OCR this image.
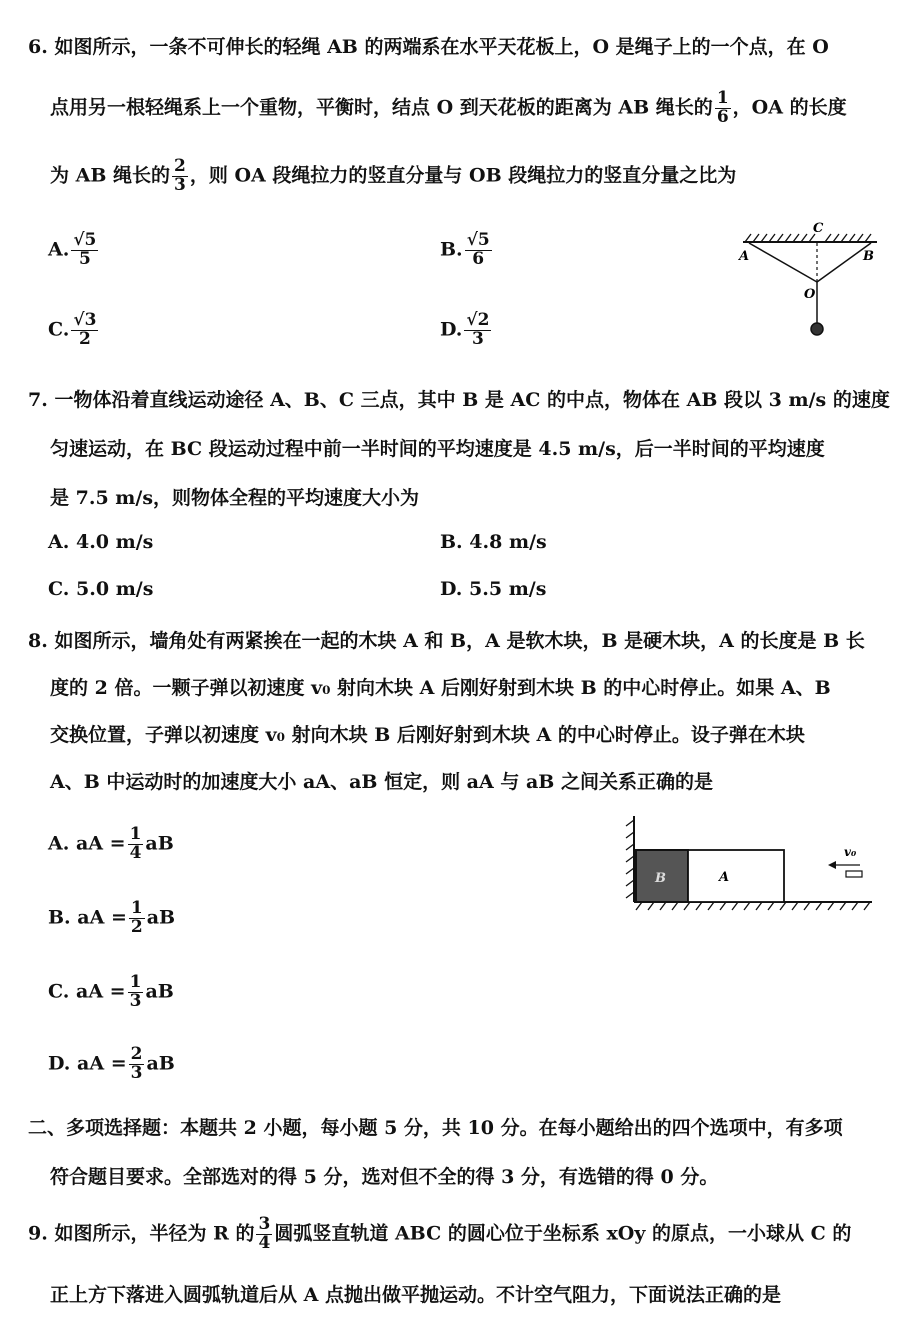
6. 如图所示，一条不可伸长的轻绳 AB 的两端系在水平天花板上，O 是绳子上的一个点，在 O
点用另一根轻绳系上一个重物，平衡时，结点 O 到天花板的距离为 AB 绳长的 $\frac{1}{6}$ ，OA 的长度
为 AB 绳长的 $\frac{2}{3}$ ，则 OA 段绳拉力的竖直分量与 OB 段绳拉力的竖直分量之比为
A. $\frac{√5}{5}$	B. $\frac{√5}{6}$
C. $\frac{√3}{2}$	D. $\frac{√2}{3}$
C
A	B
O
7. 一物体沿着直线运动途径 A、B、C 三点，其中 B 是 AC 的中点，物体在 AB 段以 3 m/s 的速度
匀速运动，在 BC 段运动过程中前一半时间的平均速度是 4.5 m/s，后一半时间的平均速度
是 7.5 m/s，则物体全程的平均速度大小为
A. 4.0 m/s	B. 4.8 m/s
C. 5.0 m/s	D. 5.5 m/s
8. 如图所示，墙角处有两紧挨在一起的木块 A 和 B，A 是软木块，B 是硬木块，A 的长度是 B 长
度的 2 倍。一颗子弹以初速度 v₀ 射向木块 A 后刚好射到木块 B 的中心时停止。如果 A、B
交换位置，子弹以初速度 v₀ 射向木块 B 后刚好射到木块 A 的中心时停止。设子弹在木块
A、B 中运动时的加速度大小 aA、aB 恒定，则 aA 与 aB 之间关系正确的是
A. aA = $\frac{1}{4}$ aB
B. aA = $\frac{1}{2}$ aB
C. aA = $\frac{1}{3}$ aB
D. aA = $\frac{2}{3}$ aB
B	A
v₀
二、多项选择题：本题共 2 小题，每小题 5 分，共 10 分。在每小题给出的四个选项中，有多项
符合题目要求。全部选对的得 5 分，选对但不全的得 3 分，有选错的得 0 分。
9. 如图所示，半径为 R 的 $\frac{3}{4}$ 圆弧竖直轨道 ABC 的圆心位于坐标系 xOy 的原点，一小球从 C 的
正上方下落进入圆弧轨道后从 A 点抛出做平抛运动。不计空气阻力，下面说法正确的是
